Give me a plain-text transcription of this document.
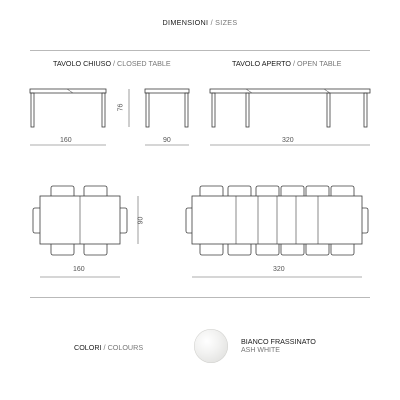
DIMENSIONI / SIZES
TAVOLO CHIUSO / CLOSED TABLE	TAVOLO APERTO / OPEN TABLE
160	90	320
76
90
160	320
COLORI / COLOURS
BIANCO FRASSINATO
ASH WHITE
